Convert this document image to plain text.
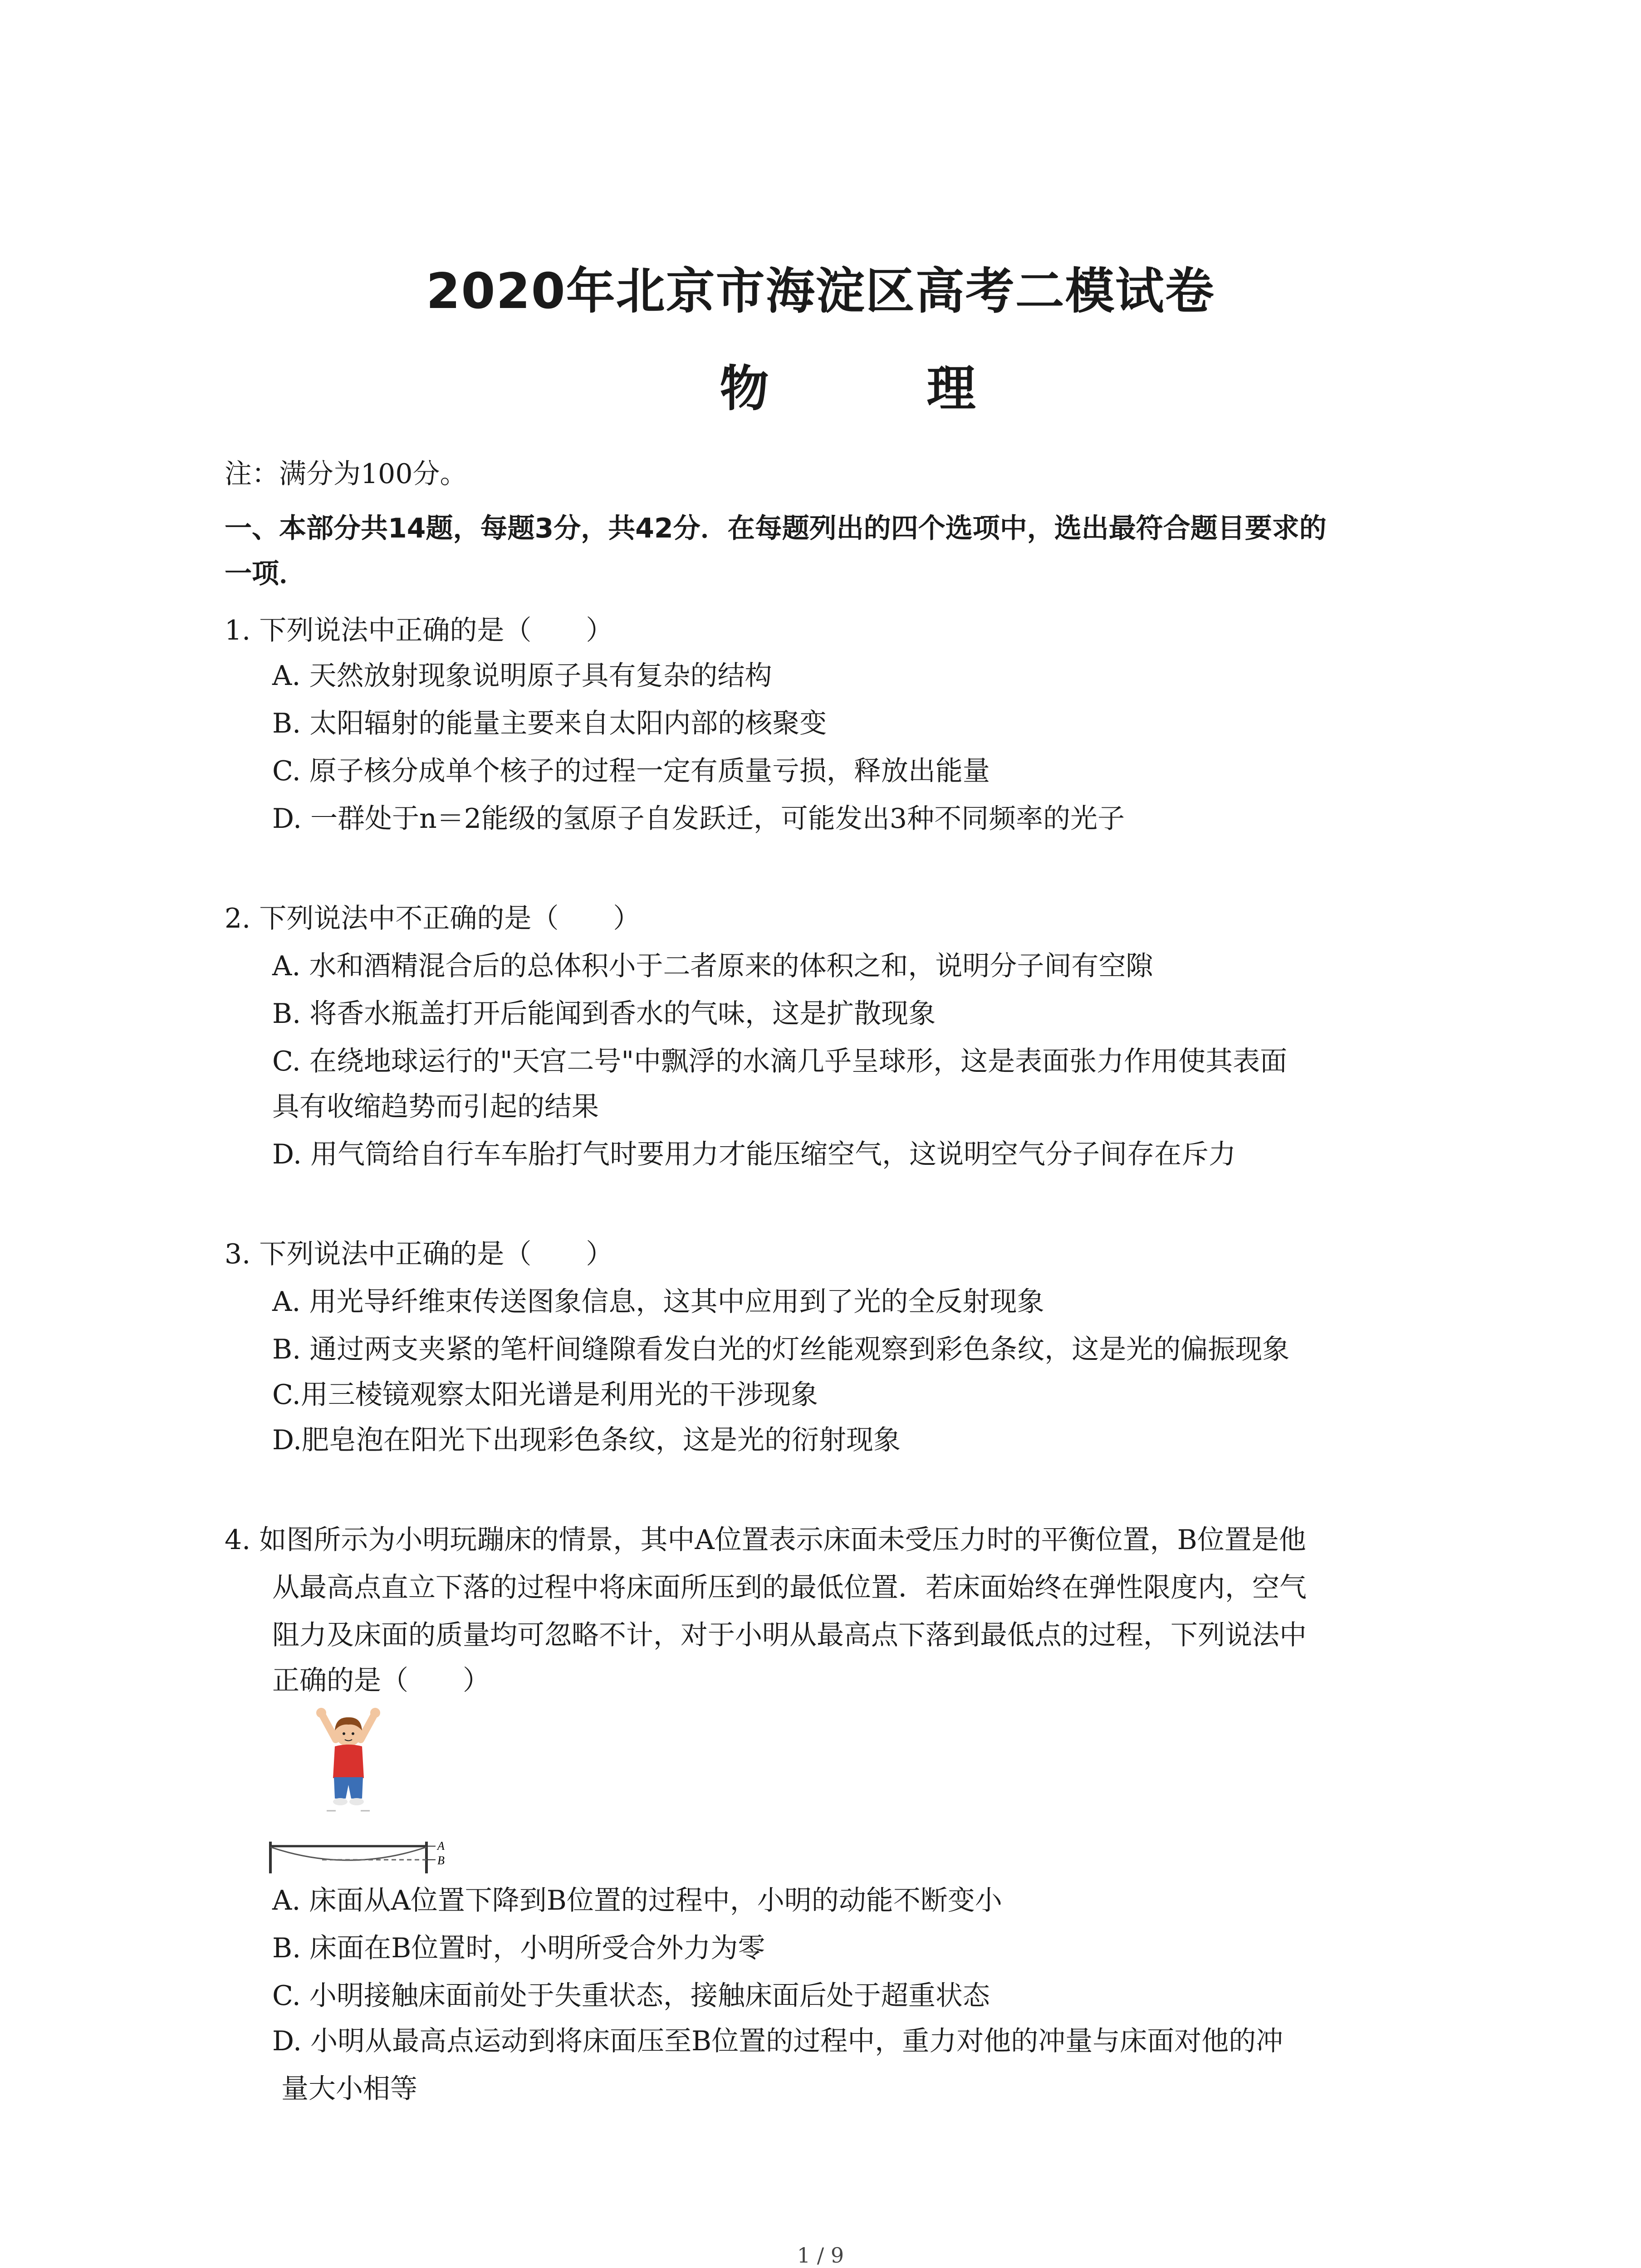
2020年北京市海淀区高考二模试卷
物　理
注：满分为100分。
一、本部分共14题，每题3分，共42分．在每题列出的四个选项中，选出最符合题目要求的
一项．
1. 下列说法中正确的是（　　）
A. 天然放射现象说明原子具有复杂的结构
B. 太阳辐射的能量主要来自太阳内部的核聚变
C. 原子核分成单个核子的过程一定有质量亏损，释放出能量
D. 一群处于n＝2能级的氢原子自发跃迁，可能发出3种不同频率的光子
2. 下列说法中不正确的是（　　）
A. 水和酒精混合后的总体积小于二者原来的体积之和，说明分子间有空隙
B. 将香水瓶盖打开后能闻到香水的气味，这是扩散现象
C. 在绕地球运行的"天宫二号"中飘浮的水滴几乎呈球形，这是表面张力作用使其表面
具有收缩趋势而引起的结果
D. 用气筒给自行车车胎打气时要用力才能压缩空气，这说明空气分子间存在斥力
3. 下列说法中正确的是（　　）
A. 用光导纤维束传送图象信息，这其中应用到了光的全反射现象
B. 通过两支夹紧的笔杆间缝隙看发白光的灯丝能观察到彩色条纹，这是光的偏振现象
C.用三棱镜观察太阳光谱是利用光的干涉现象
D.肥皂泡在阳光下出现彩色条纹，这是光的衍射现象
4. 如图所示为小明玩蹦床的情景，其中A位置表示床面未受压力时的平衡位置，B位置是他
从最高点直立下落的过程中将床面所压到的最低位置．若床面始终在弹性限度内，空气
阻力及床面的质量均可忽略不计，对于小明从最高点下落到最低点的过程，下列说法中
正确的是（　　）
A
B
A. 床面从A位置下降到B位置的过程中，小明的动能不断变小
B. 床面在B位置时，小明所受合外力为零
C. 小明接触床面前处于失重状态，接触床面后处于超重状态
D. 小明从最高点运动到将床面压至B位置的过程中，重力对他的冲量与床面对他的冲
量大小相等
1 / 9
